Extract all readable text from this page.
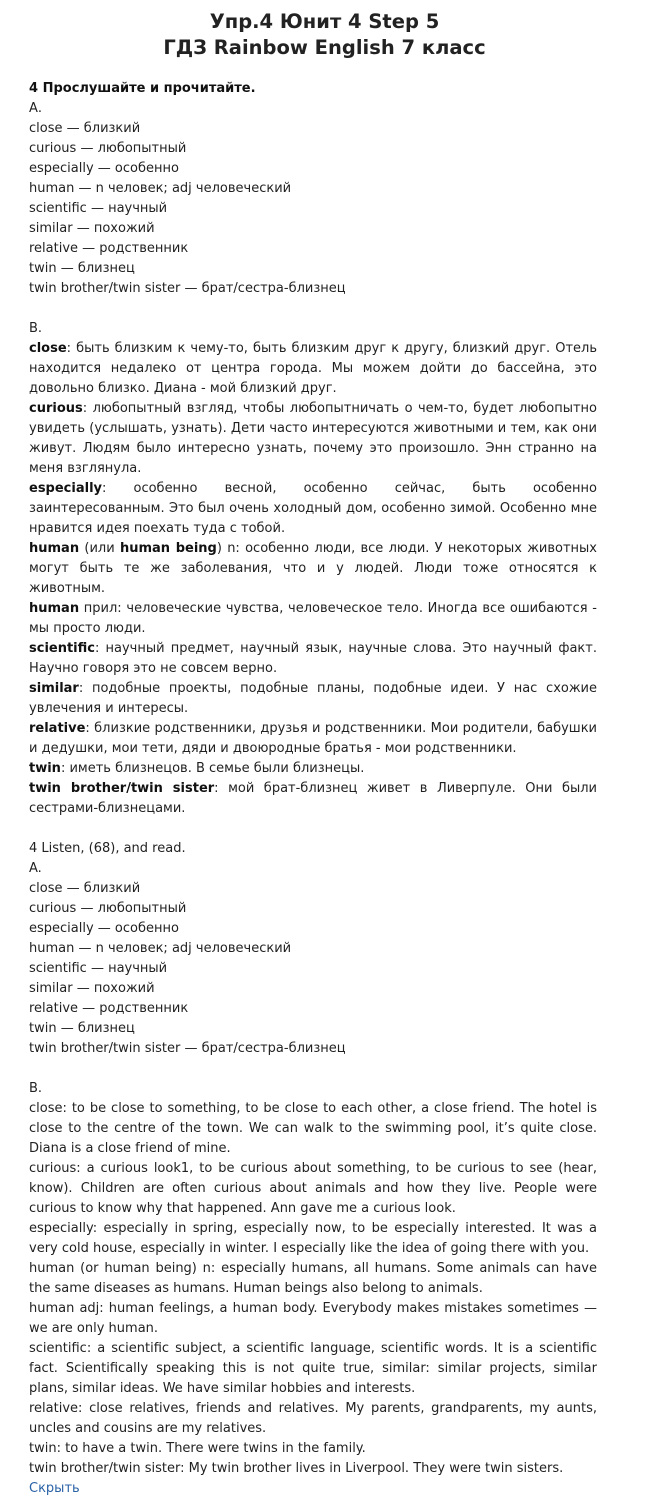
Упр.4 Юнит 4 Step 5
ГДЗ Rainbow English 7 класс

4 Прослушайте и прочитайте.

А.

close — близкий

curious — любопытный

especially — особенно

human — n человек; adj человеческий

scientific — научный

similar — похожий

relative — родственник

twin — близнец

twin brother/twin sister — брат/сестра-близнец

B.

close: быть близким к чему-то, быть близким друг к другу, близкий друг. Отель находится недалеко от центра города. Мы можем дойти до бассейна, это довольно близко. Диана - мой близкий друг.

curious: любопытный взгляд, чтобы любопытничать о чем-то, будет любопытно увидеть (услышать, узнать). Дети часто интересуются животными и тем, как они живут. Людям было интересно узнать, почему это произошло. Энн странно на меня взглянула.

especially: особенно весной, особенно сейчас, быть особенно заинтересованным. Это был очень холодный дом, особенно зимой. Особенно мне нравится идея поехать туда с тобой.

human (или human being) n: особенно люди, все люди. У некоторых животных могут быть те же заболевания, что и у людей. Люди тоже относятся к животным.

human прил: человеческие чувства, человеческое тело. Иногда все ошибаются - мы просто люди.

scientific: научный предмет, научный язык, научные слова. Это научный факт. Научно говоря это не совсем верно.

similar: подобные проекты, подобные планы, подобные идеи. У нас схожие увлечения и интересы.

relative: близкие родственники, друзья и родственники. Мои родители, бабушки и дедушки, мои тети, дяди и двоюродные братья - мои родственники.

twin: иметь близнецов. В семье были близнецы.

twin brother/twin sister: мой брат-близнец живет в Ливерпуле. Они были сестрами-близнецами.

4 Listen, (68), and read.

A.

close — близкий

curious — любопытный

especially — особенно

human — n человек; adj человеческий

scientific — научный

similar — похожий

relative — родственник

twin — близнец

twin brother/twin sister — брат/сестра-близнец

B.

close: to be close to something, to be close to each other, a close friend. The hotel is close to the centre of the town. We can walk to the swimming pool, it’s quite close. Diana is a close friend of mine.

curious: a curious look1, to be curious about something, to be curious to see (hear, know). Children are often curious about animals and how they live. People were curious to know why that happened. Ann gave me a curious look.

especially: especially in spring, especially now, to be especially interested. It was a very cold house, especially in winter. I especially like the idea of going there with you.

human (or human being) n: especially humans, all humans. Some animals can have the same diseases as humans. Human beings also belong to animals.

human adj: human feelings, a human body. Everybody makes mistakes sometimes — we are only human.

scientific: a scientific subject, a scientific language, scientific words. It is a scientific fact. Scientifically speaking this is not quite true, similar: similar projects, similar plans, similar ideas. We have similar hobbies and interests.

relative: close relatives, friends and relatives. My parents, grandparents, my aunts, uncles and cousins are my relatives.

twin: to have a twin. There were twins in the family.

twin brother/twin sister: My twin brother lives in Liverpool. They were twin sisters.

Скрыть
